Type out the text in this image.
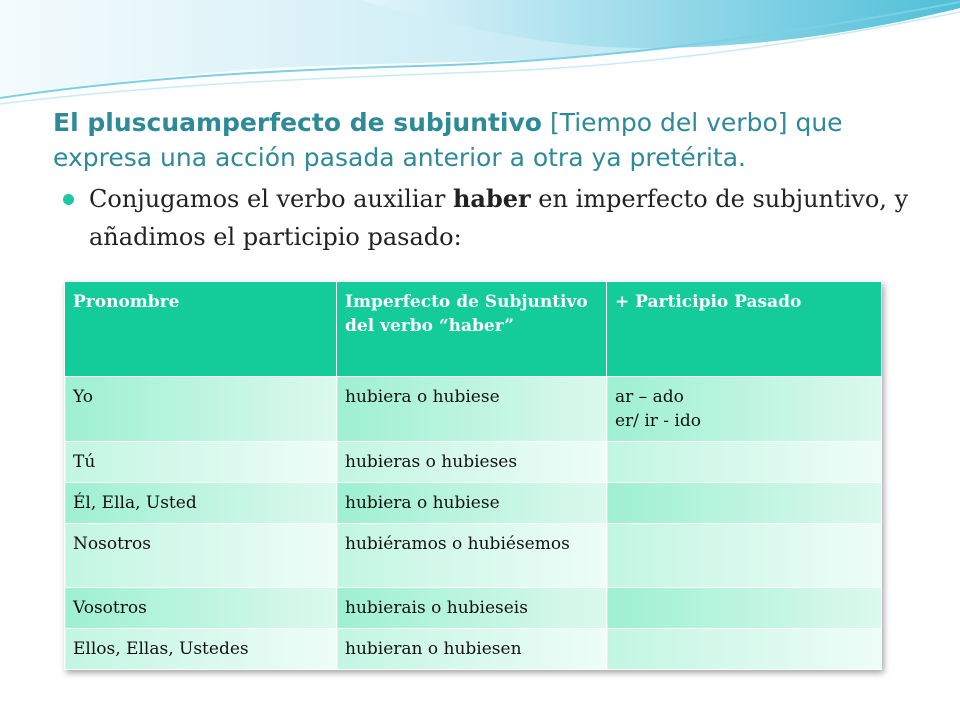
El pluscuamperfecto de subjuntivo [Tiempo del verbo] que expresa una acción pasada anterior a otra ya pretérita.
Conjugamos el verbo auxiliar haber en imperfecto de subjuntivo, y añadimos el participio pasado:
Pronombre	Imperfecto de Subjuntivo del verbo “haber”	+ Participio Pasado
Yo	hubiera o hubiese	ar – ado
er/ ir - ido

Tú	hubieras o hubieses	
Él, Ella, Usted	hubiera o hubiese	
Nosotros	hubiéramos o hubiésemos	
Vosotros	hubierais o hubieseis	
Ellos, Ellas, Ustedes	hubieran o hubiesen	
